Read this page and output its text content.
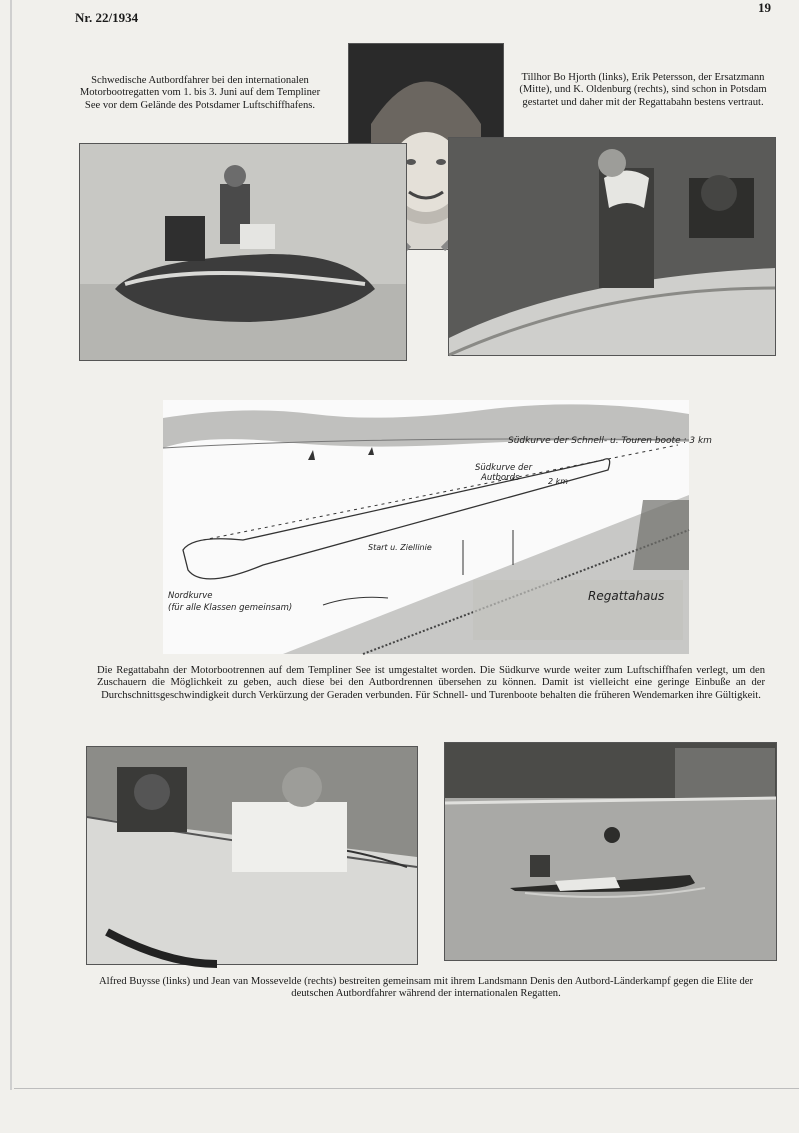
Nr. 22/1934
19
Schwedische Autbordfahrer bei den internationalen Motorbootregatten vom 1. bis 3. Juni auf dem Templiner See vor dem Gelände des Potsdamer Luftschiffhafens.
Tillhor Bo Hjorth (links), Erik Petersson, der Ersatzmann (Mitte), und K. Oldenburg (rechts), sind schon in Potsdam gestartet und daher mit der Regattabahn bestens vertraut.
Südkurve der Schnell- u. Touren boote : 3 km
Südkurve der
Autbords	2 km
Start u. Ziellinie
Nordkurve
(für alle Klassen gemeinsam)
Regattahaus
Die Regattabahn der Motorbootrennen auf dem Templiner See ist umgestaltet worden. Die Südkurve wurde weiter zum Luftschiffhafen verlegt, um den Zuschauern die Möglichkeit zu geben, auch diese bei den Autbordrennen übersehen zu können. Damit ist vielleicht eine geringe Einbuße an der Durchschnittsgeschwindigkeit durch Verkürzung der Geraden verbunden. Für Schnell- und Turenboote behalten die früheren Wendemarken ihre Gültigkeit.
Alfred Buysse (links) und Jean van Mossevelde (rechts) bestreiten gemeinsam mit ihrem Landsmann Denis den Autbord-Länderkampf gegen die Elite der deutschen Autbordfahrer während der internationalen Regatten.
